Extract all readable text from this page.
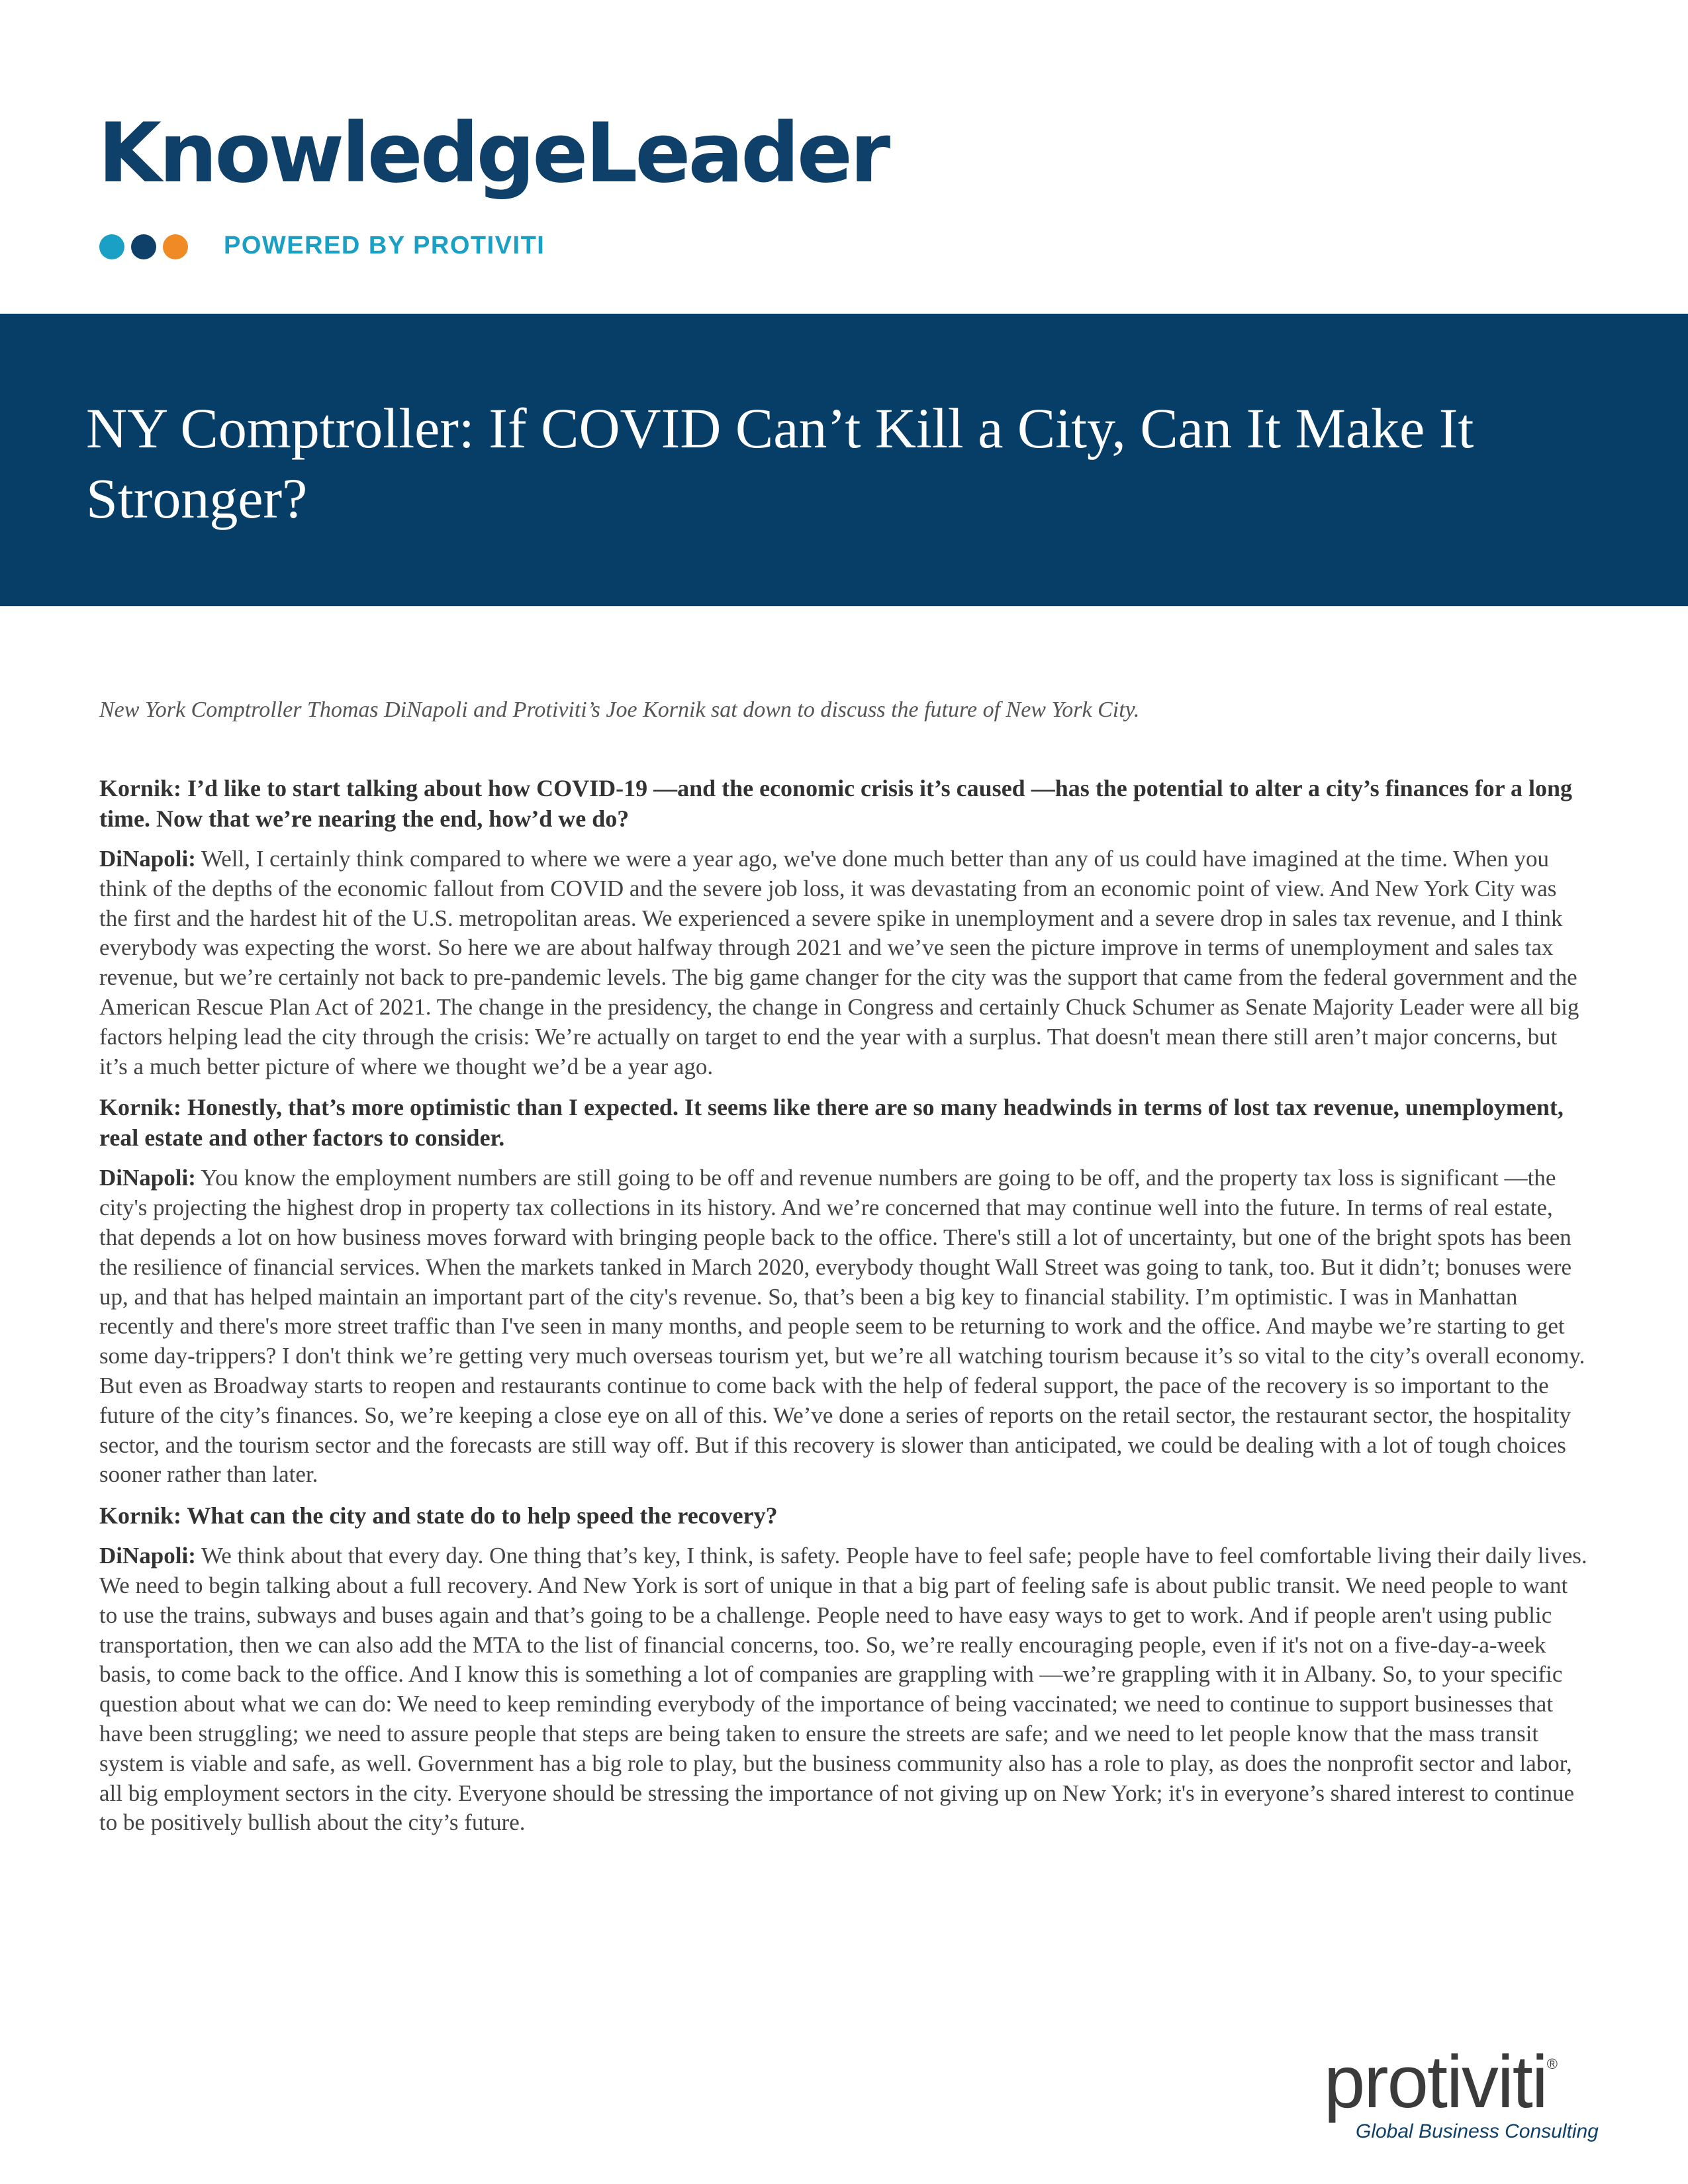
KnowledgeLeader
POWERED BY PROTIVITI
NY Comptroller: If COVID Can’t Kill a City, Can It Make It Stronger?

New York Comptroller Thomas DiNapoli and Protiviti’s Joe Kornik sat down to discuss the future of New York City.

Kornik: I’d like to start talking about how COVID-19 —and the economic crisis it’s caused —has the potential to alter a city’s finances for a long time. Now that we’re nearing the end, how’d we do?

DiNapoli: Well, I certainly think compared to where we were a year ago, we've done much better than any of us could have imagined at the time. When you think of the depths of the economic fallout from COVID and the severe job loss, it was devastating from an economic point of view. And New York City was the first and the hardest hit of the U.S. metropolitan areas. We experienced a severe spike in unemployment and a severe drop in sales tax revenue, and I think everybody was expecting the worst. So here we are about halfway through 2021 and we’ve seen the picture improve in terms of unemployment and sales tax revenue, but we’re certainly not back to pre-pandemic levels. The big game changer for the city was the support that came from the federal government and the American Rescue Plan Act of 2021. The change in the presidency, the change in Congress and certainly Chuck Schumer as Senate Majority Leader were all big factors helping lead the city through the crisis: We’re actually on target to end the year with a surplus. That doesn't mean there still aren’t major concerns, but it’s a much better picture of where we thought we’d be a year ago.

Kornik: Honestly, that’s more optimistic than I expected. It seems like there are so many headwinds in terms of lost tax revenue, unemployment, real estate and other factors to consider.

DiNapoli: You know the employment numbers are still going to be off and revenue numbers are going to be off, and the property tax loss is significant —the city's projecting the highest drop in property tax collections in its history. And we’re concerned that may continue well into the future. In terms of real estate, that depends a lot on how business moves forward with bringing people back to the office. There's still a lot of uncertainty, but one of the bright spots has been the resilience of financial services. When the markets tanked in March 2020, everybody thought Wall Street was going to tank, too. But it didn’t; bonuses were up, and that has helped maintain an important part of the city's revenue. So, that’s been a big key to financial stability. I’m optimistic. I was in Manhattan recently and there's more street traffic than I've seen in many months, and people seem to be returning to work and the office. And maybe we’re starting to get some day-trippers? I don't think we’re getting very much overseas tourism yet, but we’re all watching tourism because it’s so vital to the city’s overall economy. But even as Broadway starts to reopen and restaurants continue to come back with the help of federal support, the pace of the recovery is so important to the future of the city’s finances. So, we’re keeping a close eye on all of this. We’ve done a series of reports on the retail sector, the restaurant sector, the hospitality sector, and the tourism sector and the forecasts are still way off. But if this recovery is slower than anticipated, we could be dealing with a lot of tough choices sooner rather than later.

Kornik: What can the city and state do to help speed the recovery?

DiNapoli: We think about that every day. One thing that’s key, I think, is safety. People have to feel safe; people have to feel comfortable living their daily lives. We need to begin talking about a full recovery. And New York is sort of unique in that a big part of feeling safe is about public transit. We need people to want to use the trains, subways and buses again and that’s going to be a challenge. People need to have easy ways to get to work. And if people aren't using public transportation, then we can also add the MTA to the list of financial concerns, too. So, we’re really encouraging people, even if it's not on a five-day-a-week basis, to come back to the office. And I know this is something a lot of companies are grappling with —we’re grappling with it in Albany. So, to your specific question about what we can do: We need to keep reminding everybody of the importance of being vaccinated; we need to continue to support businesses that have been struggling; we need to assure people that steps are being taken to ensure the streets are safe; and we need to let people know that the mass transit system is viable and safe, as well. Government has a big role to play, but the business community also has a role to play, as does the nonprofit sector and labor, all big employment sectors in the city. Everyone should be stressing the importance of not giving up on New York; it's in everyone’s shared interest to continue to be positively bullish about the city’s future.

protiviti®
Global Business Consulting
